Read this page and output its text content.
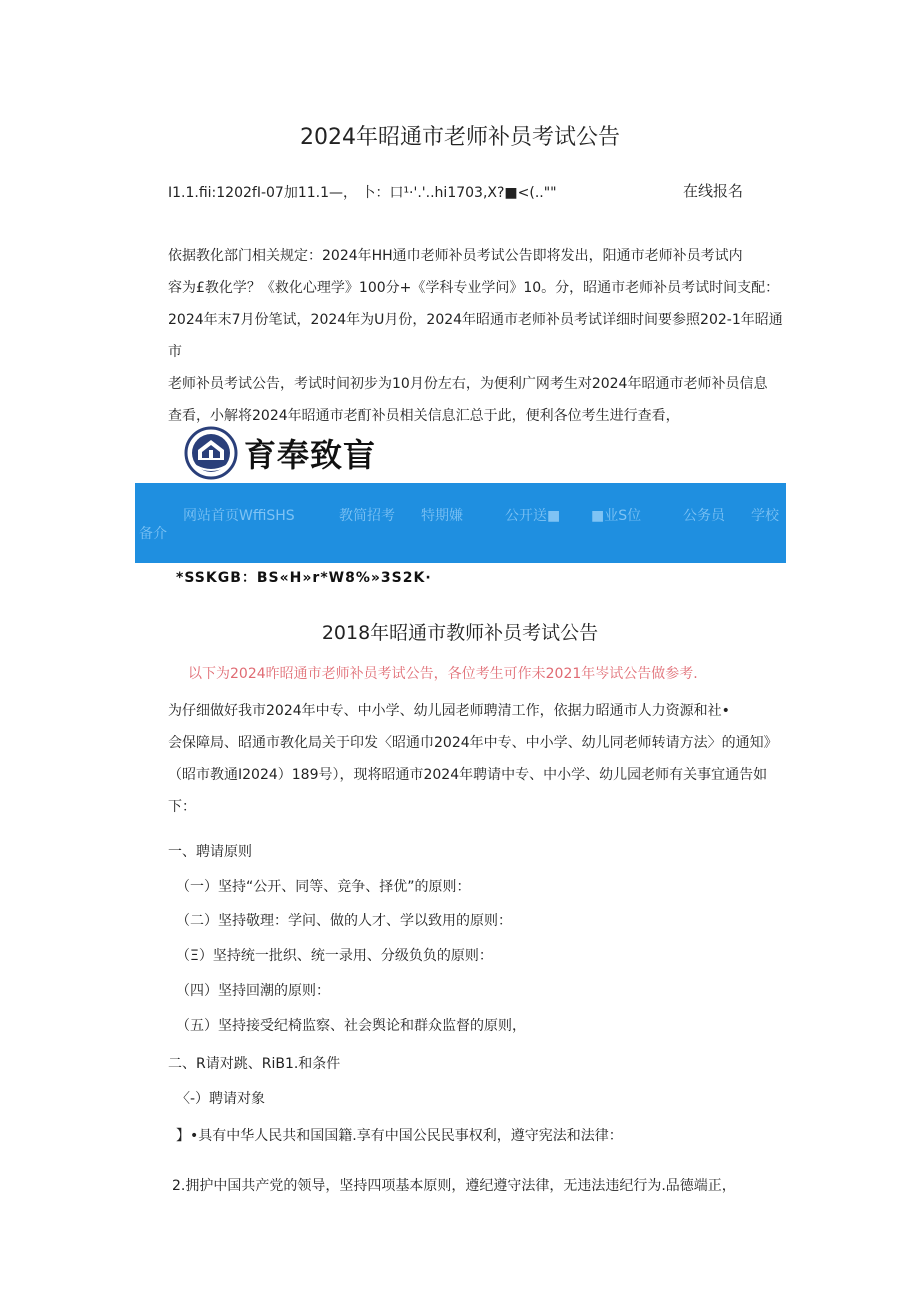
2024年昭通市老师补员考试公告
I1.1.fii:1202fI-07加11.1—， 卜：口¹·'.'..hi1703,X?■<(..""	在线报名
依据教化部门相关规定：2024年HH通巾老师补员考试公告即将发出，阳通市老师补员考试内
容为£教化学？《救化心理学》100分+《学科专业学问》10。分，昭通市老师补员考试时间支配：
2024年末7月份笔试，2024年为U月份，2024年昭通市老师补员考试详细时间要参照202-1年昭通市
老师补员考试公告，考试时间初步为10月份左右，为便利广网考生对2024年昭通市老师补员信息
查看，小解将2024年昭通市老酊补员相关信息汇总于此，便利各位考生进行查看，
育奉致盲
网站首页WffiSHS	教简招考 特期嫌	公开送■ ■业S位	公务员 学校
备介
*SSKGB：BS«H»r*W8%»3S2K·
2018年昭通市教师补员考试公告
以下为2024昨昭通市老师补员考试公告，各位考生可作未2021年岑试公告做参考.
为仔细做好我市2024年中专、中小学、幼儿园老师聘清工作，依据力昭通市人力资源和社•
会保障局、昭通市教化局关于印发〈昭通巾2024年中专、中小学、幼儿同老师转请方法〉的通知》
（昭市教通I2024）189号），现将昭通市2024年聘请中专、中小学、幼儿园老师有关事宜通告如
下：
一、聘请原则
（一）坚持“公开、同等、竞争、择优”的原则：
（二）坚持敬理：学问、做的人才、学以致用的原则：
（Ξ）坚持统一批织、统一录用、分级负负的原则：
（四）坚持回潮的原则：
（五）坚持接受纪椅监察、社会舆论和群众监督的原则，
二、R请对跳、RiB1.和条件
〈-）聘请对象
】•具有中华人民共和国国籍.享有中国公民民事权利，遵守宪法和法律：
2.拥护中国共产党的领导，坚持四项基本原则，遵纪遵守法律，无违法违纪行为.品德端正，
